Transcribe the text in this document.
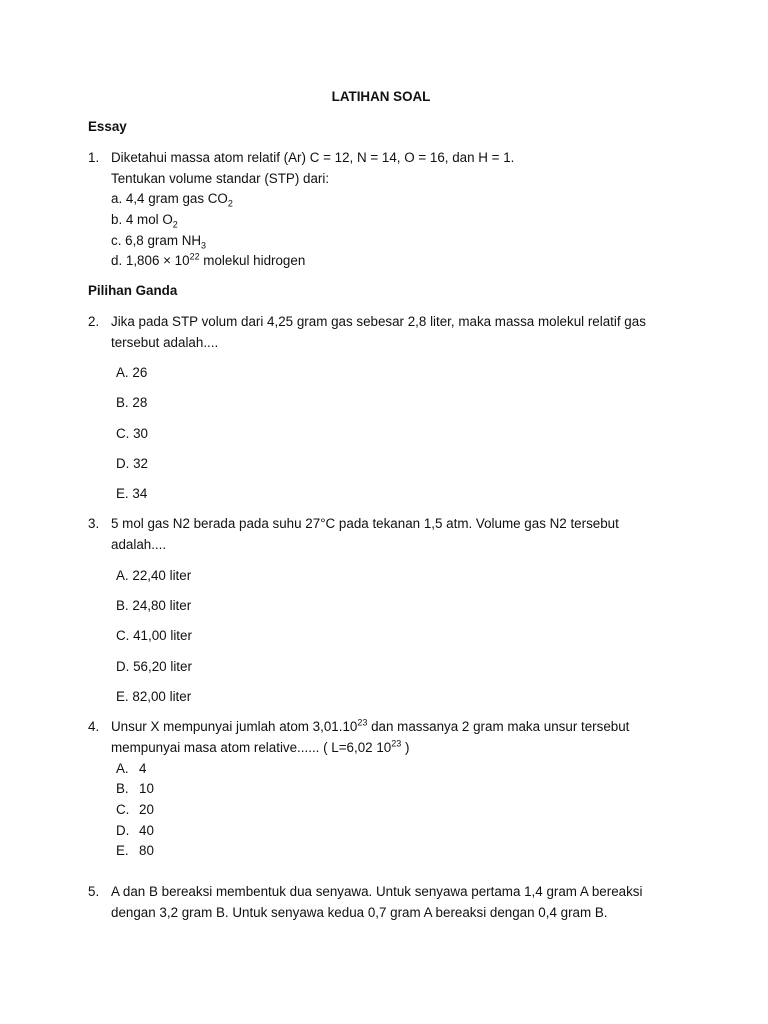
LATIHAN SOAL
Essay
1. Diketahui massa atom relatif (Ar) C = 12, N = 14, O = 16, dan H = 1.
Tentukan volume standar (STP) dari:
a. 4,4 gram gas $CO_2$
b. 4 mol $O_2$
c. 6,8 gram $NH_3$
d. $1,806 \times 10^{22}$ molekul hidrogen
Pilihan Ganda
2. Jika pada STP volum dari 4,25 gram gas sebesar 2,8 liter, maka massa molekul relatif gas
tersebut adalah....
A. 26
B. 28
C. 30
D. 32
E. 34
3. 5 mol gas N2 berada pada suhu 27°C pada tekanan 1,5 atm. Volume gas N2 tersebut
adalah....
A. 22,40 liter
B. 24,80 liter
C. 41,00 liter
D. 56,20 liter
E. 82,00 liter
4. Unsur X mempunyai jumlah atom 3,01.10$^{23}$ dan massanya 2 gram maka unsur tersebut
mempunyai masa atom relative...... ( L=6,02 $10^{23}$ )
A. 4
B. 10
C. 20
D. 40
E. 80
5. A dan B bereaksi membentuk dua senyawa. Untuk senyawa pertama 1,4 gram A bereaksi
dengan 3,2 gram B. Untuk senyawa kedua 0,7 gram A bereaksi dengan 0,4 gram B.
